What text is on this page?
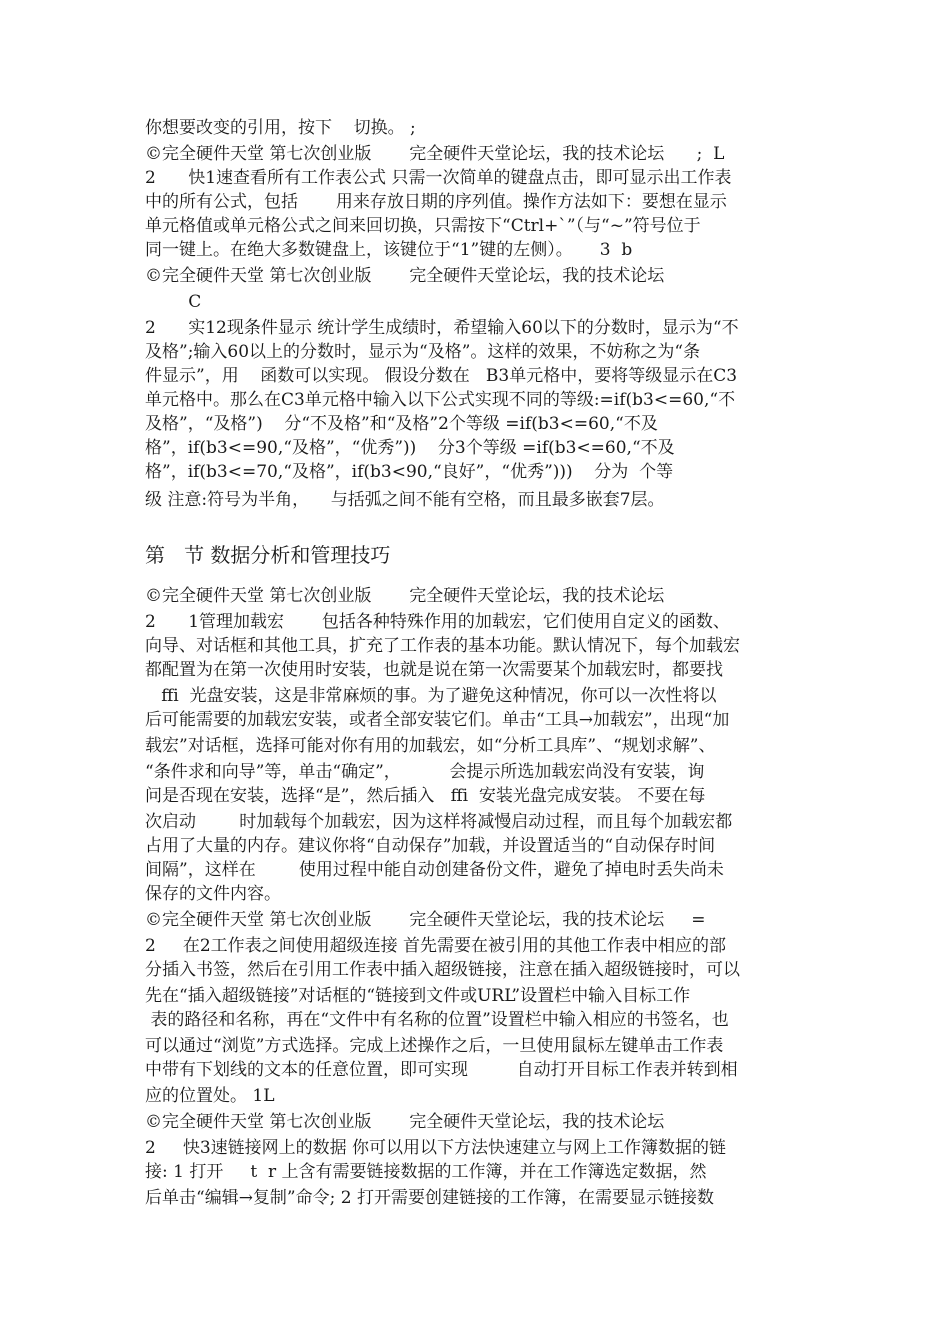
你想要改变的引用，按下    切换。 ;
©完全硬件天堂 第七次创业版       完全硬件天堂论坛，我的技术论坛      ;  L
2      快1速查看所有工作表公式 只需一次简单的键盘点击，即可显示出工作表
中的所有公式，包括       用来存放日期的序列值。操作方法如下：要想在显示
单元格值或单元格公式之间来回切换，只需按下“Ctrl+`”（与“~”符号位于
同一键上。在绝大多数键盘上，该键位于“1”键的左侧）。     3  b
©完全硬件天堂 第七次创业版       完全硬件天堂论坛，我的技术论坛
C
2      实12现条件显示 统计学生成绩时，希望输入60以下的分数时，显示为“不
及格”;输入60以上的分数时，显示为“及格”。这样的效果，不妨称之为“条
件显示”，用    函数可以实现。 假设分数在   B3单元格中，要将等级显示在C3
单元格中。那么在C3单元格中输入以下公式实现不同的等级:=if(b3<=60,“不
及格”，“及格”)    分“不及格”和“及格”2个等级 =if(b3<=60,“不及
格”，if(b3<=90,“及格”，“优秀”))    分3个等级 =if(b3<=60,“不及
格”，if(b3<=70,“及格”，if(b3<90,“良好”，“优秀”)))    分为  个等
级 注意:符号为半角，    与括弧之间不能有空格，而且最多嵌套7层。
第   节 数据分析和管理技巧
©完全硬件天堂 第七次创业版       完全硬件天堂论坛，我的技术论坛
2      1管理加载宏       包括各种特殊作用的加载宏，它们使用自定义的函数、
向导、对话框和其他工具，扩充了工作表的基本功能。默认情况下，每个加载宏
都配置为在第一次使用时安装，也就是说在第一次需要某个加载宏时，都要找
ffi  光盘安装，这是非常麻烦的事。为了避免这种情况，你可以一次性将以
后可能需要的加载宏安装，或者全部安装它们。单击“工具→加载宏”，出现“加
载宏”对话框，选择可能对你有用的加载宏，如“分析工具库”、“规划求解”、
“条件求和向导”等，单击“确定”，         会提示所选加载宏尚没有安装，询
问是否现在安装，选择“是”，然后插入   ffi  安装光盘完成安装。 不要在每
次启动        时加载每个加载宏，因为这样将减慢启动过程，而且每个加载宏都
占用了大量的内存。建议你将“自动保存”加载，并设置适当的“自动保存时间
间隔”，这样在        使用过程中能自动创建备份文件，避免了掉电时丢失尚未
保存的文件内容。
©完全硬件天堂 第七次创业版       完全硬件天堂论坛，我的技术论坛     =
2     在2工作表之间使用超级连接 首先需要在被引用的其他工作表中相应的部
分插入书签，然后在引用工作表中插入超级链接，注意在插入超级链接时，可以
先在“插入超级链接”对话框的“链接到文件或URL”设置栏中输入目标工作
表的路径和名称，再在“文件中有名称的位置”设置栏中输入相应的书签名，也
可以通过“浏览”方式选择。完成上述操作之后，一旦使用鼠标左键单击工作表
中带有下划线的文本的任意位置，即可实现         自动打开目标工作表并转到相
应的位置处。 1L
©完全硬件天堂 第七次创业版       完全硬件天堂论坛，我的技术论坛
2     快3速链接网上的数据 你可以用以下方法快速建立与网上工作簿数据的链
接: 1 打开     t  r 上含有需要链接数据的工作簿，并在工作簿选定数据，然
后单击“编辑→复制”命令; 2 打开需要创建链接的工作簿，在需要显示链接数
